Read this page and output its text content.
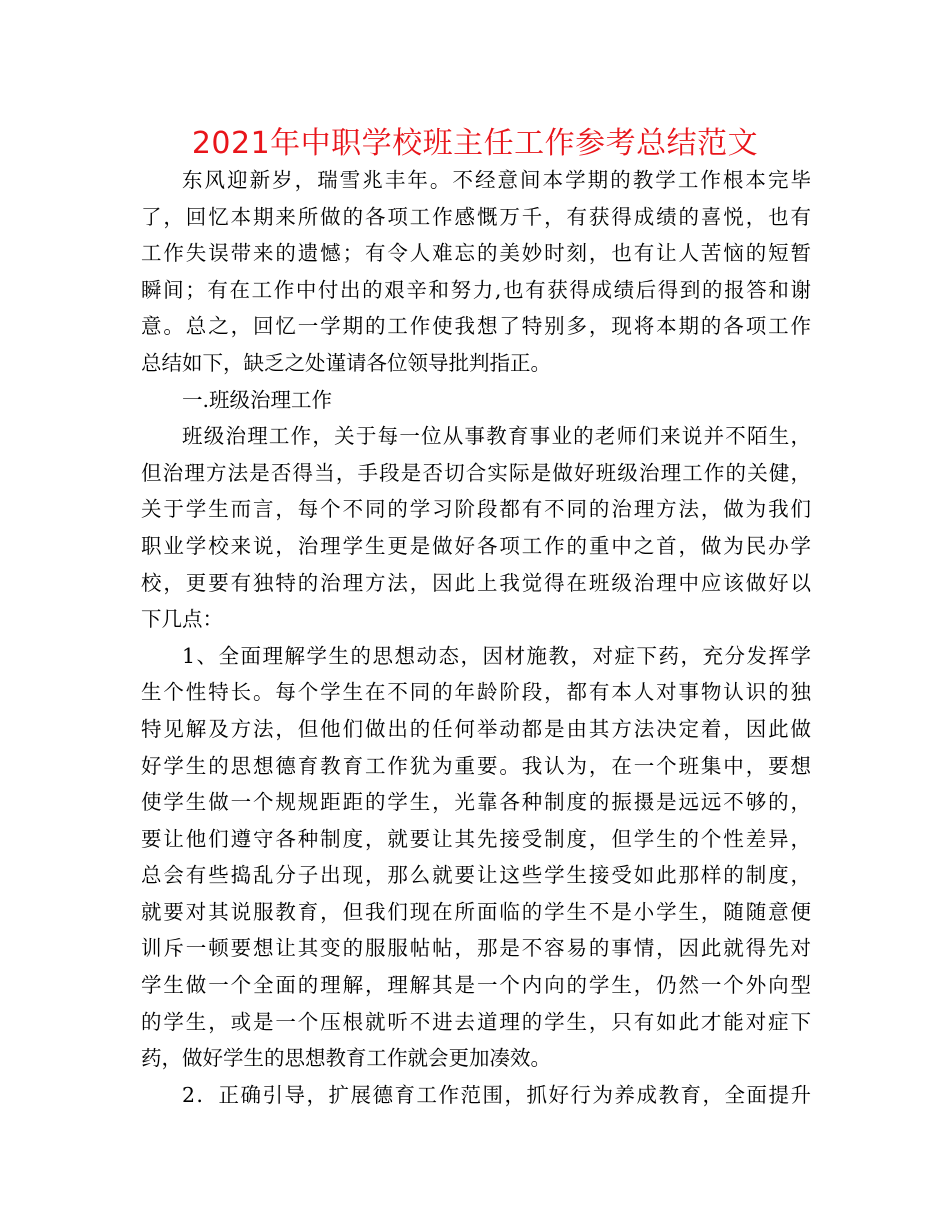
2021年中职学校班主任工作参考总结范文
东风迎新岁，瑞雪兆丰年。不经意间本学期的教学工作根本完毕
了，回忆本期来所做的各项工作感慨万千，有获得成绩的喜悦，也有
工作失误带来的遗憾；有令人难忘的美妙时刻，也有让人苦恼的短暂
瞬间；有在工作中付出的艰辛和努力,也有获得成绩后得到的报答和谢
意。总之，回忆一学期的工作使我想了特别多，现将本期的各项工作
总结如下，缺乏之处谨请各位领导批判指正。
一.班级治理工作
班级治理工作，关于每一位从事教育事业的老师们来说并不陌生，
但治理方法是否得当，手段是否切合实际是做好班级治理工作的关健，
关于学生而言，每个不同的学习阶段都有不同的治理方法，做为我们
职业学校来说，治理学生更是做好各项工作的重中之首，做为民办学
校，更要有独特的治理方法，因此上我觉得在班级治理中应该做好以
下几点：
1、全面理解学生的思想动态，因材施教，对症下药，充分发挥学
生个性特长。每个学生在不同的年龄阶段，都有本人对事物认识的独
特见解及方法，但他们做出的任何举动都是由其方法决定着，因此做
好学生的思想德育教育工作犹为重要。我认为，在一个班集中，要想
使学生做一个规规距距的学生，光靠各种制度的振摄是远远不够的，
要让他们遵守各种制度，就要让其先接受制度，但学生的个性差异，
总会有些捣乱分子出现，那么就要让这些学生接受如此那样的制度，
就要对其说服教育，但我们现在所面临的学生不是小学生，随随意便
训斥一顿要想让其变的服服帖帖，那是不容易的事情，因此就得先对
学生做一个全面的理解，理解其是一个内向的学生，仍然一个外向型
的学生，或是一个压根就听不进去道理的学生，只有如此才能对症下
药，做好学生的思想教育工作就会更加凑效。
2．正确引导，扩展德育工作范围，抓好行为养成教育，全面提升
